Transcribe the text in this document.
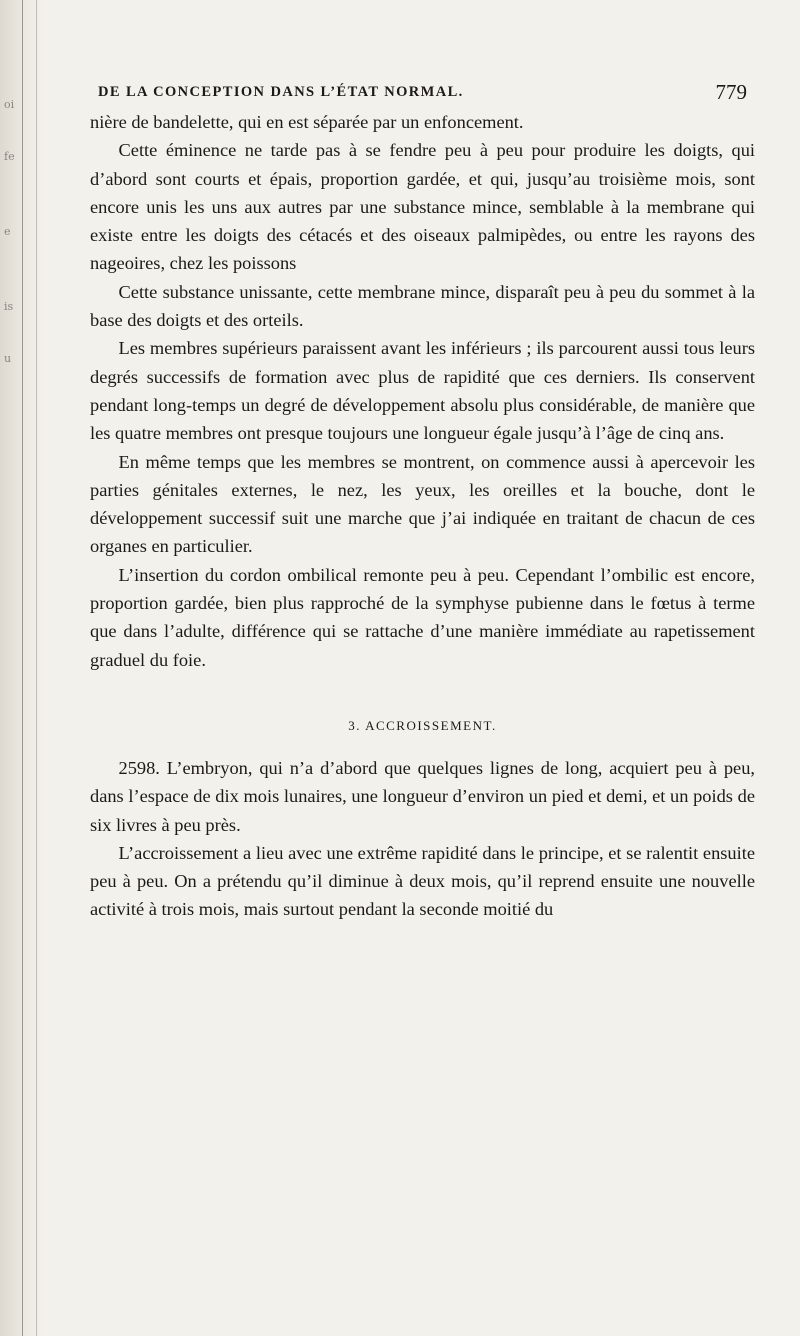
oi
fe
e
is
u
DE LA CONCEPTION DANS L’ÉTAT NORMAL.	779

nière de bandelette, qui en est séparée par un enfoncement.

Cette éminence ne tarde pas à se fendre peu à peu pour produire les doigts, qui d’abord sont courts et épais, proportion gardée, et qui, jusqu’au troisième mois, sont encore unis les uns aux autres par une substance mince, semblable à la membrane qui existe entre les doigts des cétacés et des oiseaux palmipèdes, ou entre les rayons des nageoires, chez les poissons

Cette substance unissante, cette membrane mince, disparaît peu à peu du sommet à la base des doigts et des orteils.

Les membres supérieurs paraissent avant les inférieurs ; ils parcourent aussi tous leurs degrés successifs de formation avec plus de rapidité que ces derniers. Ils conservent pendant long-temps un degré de développement absolu plus considérable, de manière que les quatre membres ont presque toujours une longueur égale jusqu’à l’âge de cinq ans.

En même temps que les membres se montrent, on commence aussi à apercevoir les parties génitales externes, le nez, les yeux, les oreilles et la bouche, dont le développement successif suit une marche que j’ai indiquée en traitant de chacun de ces organes en particulier.

L’insertion du cordon ombilical remonte peu à peu. Cependant l’ombilic est encore, proportion gardée, bien plus rapproché de la symphyse pubienne dans le fœtus à terme que dans l’adulte, différence qui se rattache d’une manière immédiate au rapetissement graduel du foie.

3. ACCROISSEMENT.

2598. L’embryon, qui n’a d’abord que quelques lignes de long, acquiert peu à peu, dans l’espace de dix mois lunaires, une longueur d’environ un pied et demi, et un poids de six livres à peu près.

L’accroissement a lieu avec une extrême rapidité dans le principe, et se ralentit ensuite peu à peu. On a prétendu qu’il diminue à deux mois, qu’il reprend ensuite une nouvelle activité à trois mois, mais surtout pendant la seconde moitié du
